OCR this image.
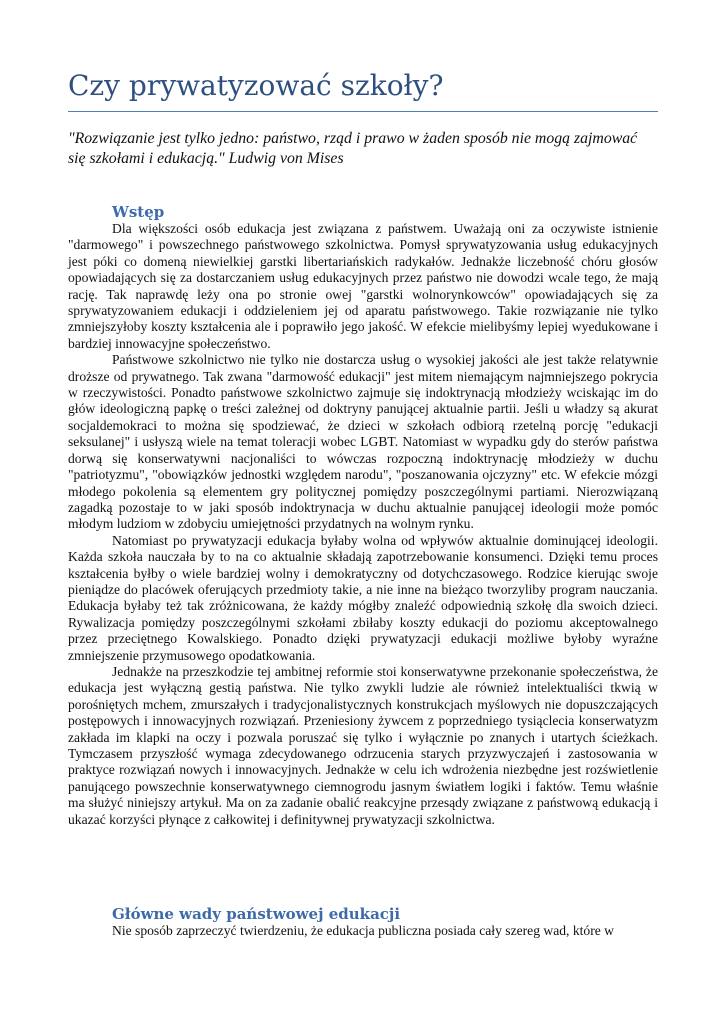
Czy prywatyzować szkoły?

"Rozwiązanie jest tylko jedno: państwo, rząd i prawo w żaden sposób nie mogą zajmować się szkołami i edukacją." Ludwig von Mises

Wstęp

Dla większości osób edukacja jest związana z państwem. Uważają oni za oczywiste istnienie "darmowego" i powszechnego państwowego szkolnictwa. Pomysł sprywatyzowania usług edukacyjnych jest póki co domeną niewielkiej garstki libertariańskich radykałów. Jednakże liczebność chóru głosów opowiadających się za dostarczaniem usług edukacyjnych przez państwo nie dowodzi wcale tego, że mają rację. Tak naprawdę leży ona po stronie owej "garstki wolnorynkowców" opowiadających się za sprywatyzowaniem edukacji i oddzieleniem jej od aparatu państwowego. Takie rozwiązanie nie tylko zmniejszyłoby koszty kształcenia ale i poprawiło jego jakość. W efekcie mielibyśmy lepiej wyedukowane i bardziej innowacyjne społeczeństwo.

Państwowe szkolnictwo nie tylko nie dostarcza usług o wysokiej jakości ale jest także relatywnie droższe od prywatnego. Tak zwana "darmowość edukacji" jest mitem niemającym najmniejszego pokrycia w rzeczywistości. Ponadto państwowe szkolnictwo zajmuje się indoktrynacją młodzieży wciskając im do głów ideologiczną papkę o treści zależnej od doktryny panującej aktualnie partii. Jeśli u władzy są akurat socjaldemokraci to można się spodziewać, że dzieci w szkołach odbiorą rzetelną porcję "edukacji seksulanej" i usłyszą wiele na temat toleracji wobec LGBT. Natomiast w wypadku gdy do sterów państwa dorwą się konserwatywni nacjonaliści to wówczas rozpoczną indoktrynację młodzieży w duchu "patriotyzmu", "obowiązków jednostki względem narodu", "poszanowania ojczyzny" etc. W efekcie mózgi młodego pokolenia są elementem gry politycznej pomiędzy poszczególnymi partiami. Nierozwiązaną zagadką pozostaje to w jaki sposób indoktrynacja w duchu aktualnie panującej ideologii może pomóc młodym ludziom w zdobyciu umiejętności przydatnych na wolnym rynku.

Natomiast po prywatyzacji edukacja byłaby wolna od wpływów aktualnie dominującej ideologii. Każda szkoła nauczała by to na co aktualnie składają zapotrzebowanie konsumenci. Dzięki temu proces kształcenia byłby o wiele bardziej wolny i demokratyczny od dotychczasowego. Rodzice kierując swoje pieniądze do placówek oferujących przedmioty takie, a nie inne na bieżąco tworzyliby program nauczania. Edukacja byłaby też tak zróżnicowana, że każdy mógłby znaleźć odpowiednią szkołę dla swoich dzieci. Rywalizacja pomiędzy poszczególnymi szkołami zbiłaby koszty edukacji do poziomu akceptowalnego przez przeciętnego Kowalskiego. Ponadto dzięki prywatyzacji edukacji możliwe byłoby wyraźne zmniejszenie przymusowego opodatkowania.

Jednakże na przeszkodzie tej ambitnej reformie stoi konserwatywne przekonanie społeczeństwa, że edukacja jest wyłączną gestią państwa. Nie tylko zwykli ludzie ale również intelektualiści tkwią w porośniętych mchem, zmurszałych i tradycjonalistycznych konstrukcjach myślowych nie dopuszczających postępowych i innowacyjnych rozwiązań. Przeniesiony żywcem z poprzedniego tysiąclecia konserwatyzm zakłada im klapki na oczy i pozwala poruszać się tylko i wyłącznie po znanych i utartych ścieżkach. Tymczasem przyszłość wymaga zdecydowanego odrzucenia starych przyzwyczajeń i zastosowania w praktyce rozwiązań nowych i innowacyjnych. Jednakże w celu ich wdrożenia niezbędne jest rozświetlenie panującego powszechnie konserwatywnego ciemnogrodu jasnym światłem logiki i faktów. Temu właśnie ma służyć niniejszy artykuł. Ma on za zadanie obalić reakcyjne przesądy związane z państwową edukacją i ukazać korzyści płynące z całkowitej i definitywnej prywatyzacji szkolnictwa.

Główne wady państwowej edukacji

Nie sposób zaprzeczyć twierdzeniu, że edukacja publiczna posiada cały szereg wad, które w
